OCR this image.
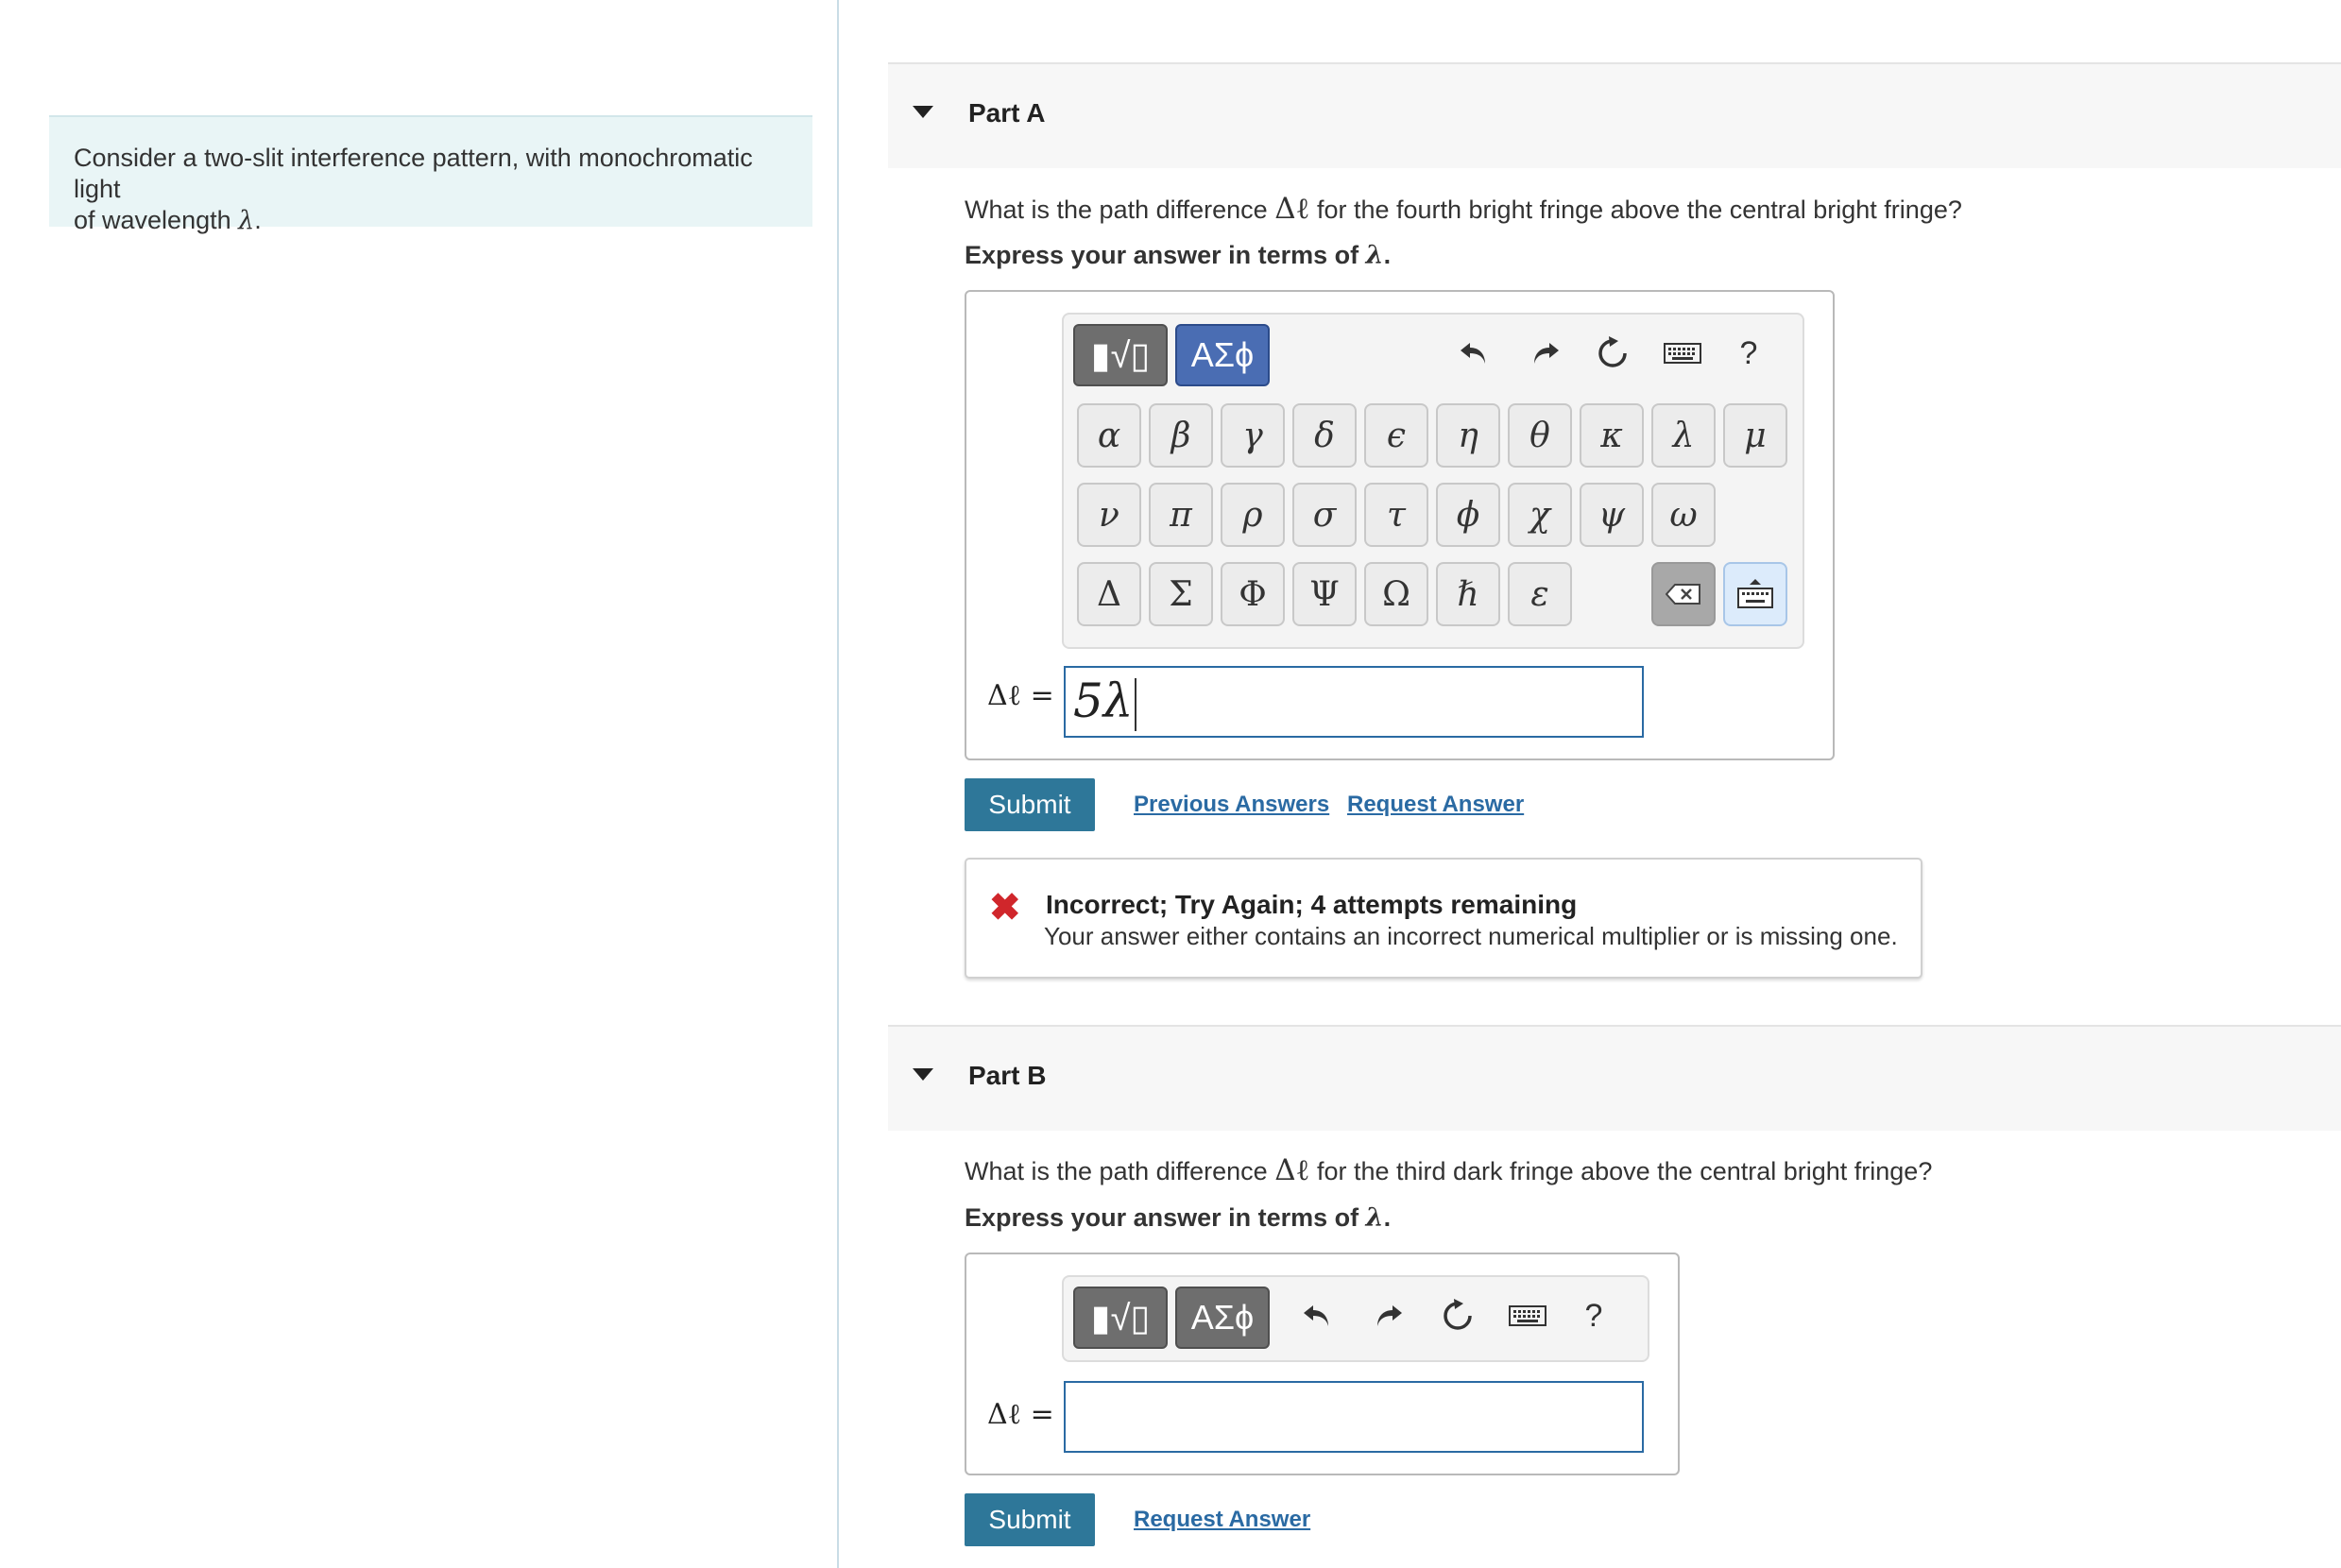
Consider a two-slit interference pattern, with monochromatic light
of wavelength λ.
Part A
What is the path difference Δℓ for the fourth bright fringe above the central bright fringe?
Express your answer in terms of λ.
▮√▯	ΑΣϕ	?
α	β	γ	δ	ϵ	η	θ	κ	λ	μ
ν	π	ρ	σ	τ	ϕ	χ	ψ	ω
Δ	Σ	Φ	Ψ	Ω	ℏ	ε
Δℓ = 5λ
Submit	Previous Answers Request Answer
✖ Incorrect; Try Again; 4 attempts remaining
Your answer either contains an incorrect numerical multiplier or is missing one.
Part B
What is the path difference Δℓ for the third dark fringe above the central bright fringe?
Express your answer in terms of λ.
▮√▯	ΑΣϕ	?
Δℓ =
Submit	Request Answer
